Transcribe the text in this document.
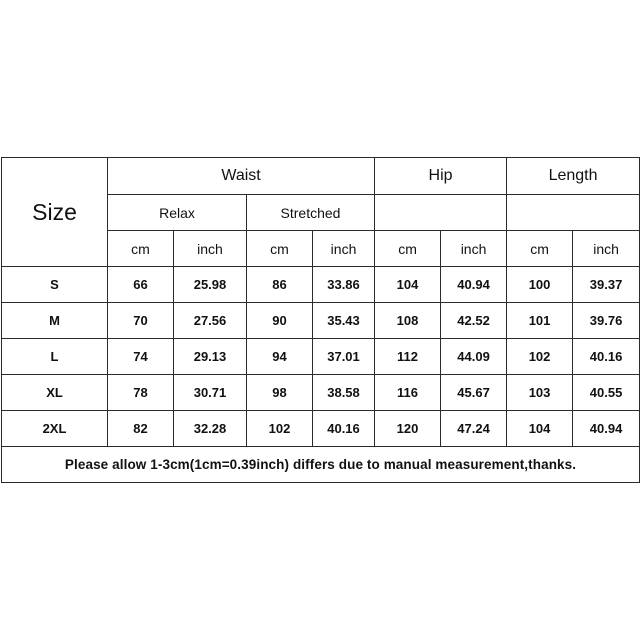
Size	Waist				Hip		Length	
	Relax		Stretched					
	cm	inch	cm	inch	cm	inch	cm	inch
S	66	25.98	86	33.86	104	40.94	100	39.37
M	70	27.56	90	35.43	108	42.52	101	39.76
L	74	29.13	94	37.01	112	44.09	102	40.16
XL	78	30.71	98	38.58	116	45.67	103	40.55
2XL	82	32.28	102	40.16	120	47.24	104	40.94
Please allow 1-3cm(1cm=0.39inch) differs due to manual measurement,thanks.								
